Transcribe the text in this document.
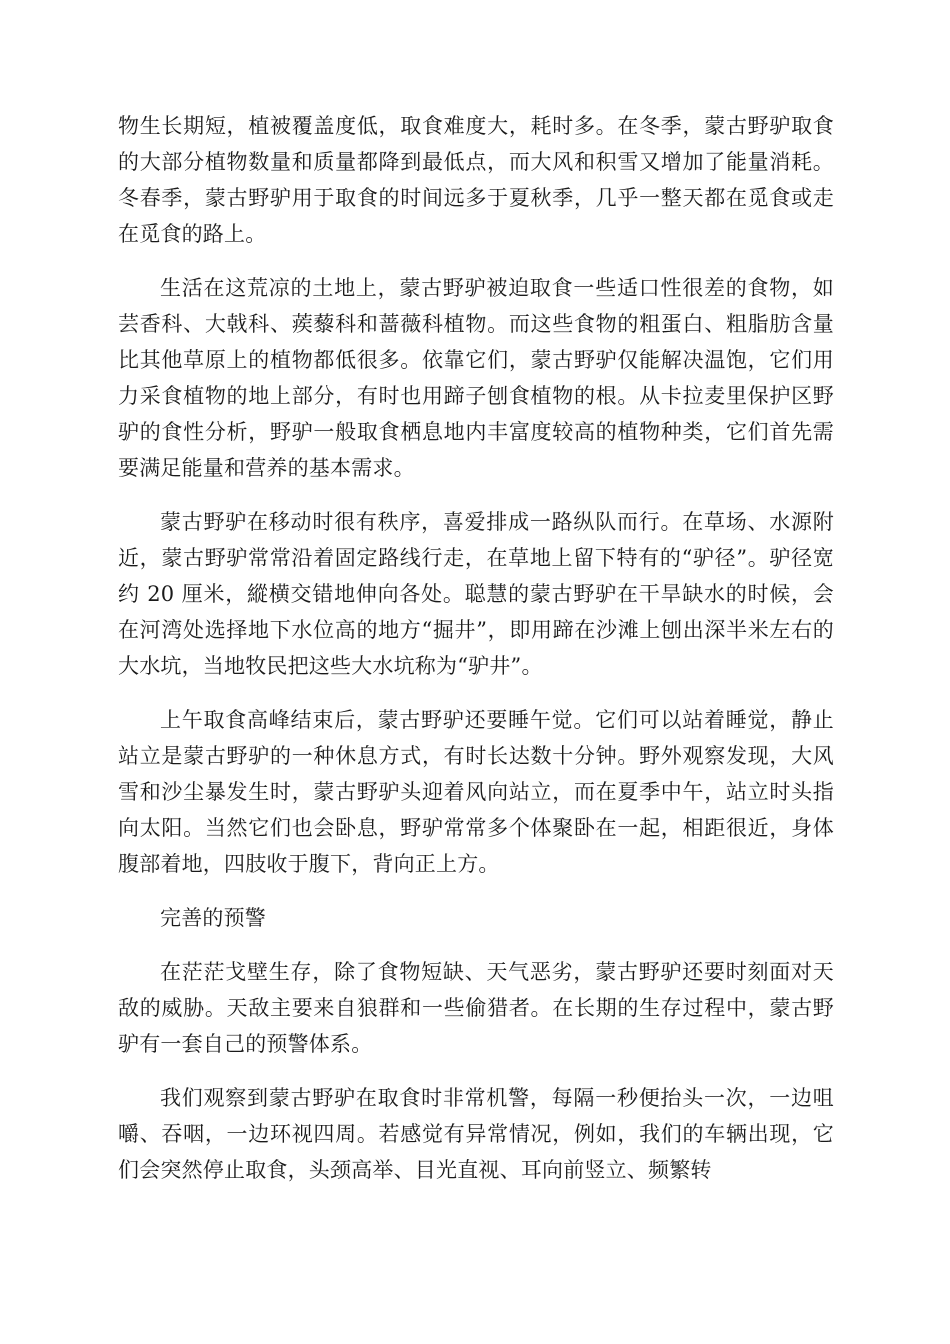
物生长期短，植被覆盖度低，取食难度大，耗时多。在冬季，蒙古野驴取食的大部分植物数量和质量都降到最低点，而大风和积雪又增加了能量消耗。冬春季，蒙古野驴用于取食的时间远多于夏秋季，几乎一整天都在觅食或走在觅食的路上。

生活在这荒凉的土地上，蒙古野驴被迫取食一些适口性很差的食物，如芸香科、大戟科、蒺藜科和蔷薇科植物。而这些食物的粗蛋白、粗脂肪含量比其他草原上的植物都低很多。依靠它们，蒙古野驴仅能解决温饱，它们用力采食植物的地上部分，有时也用蹄子刨食植物的根。从卡拉麦里保护区野驴的食性分析，野驴一般取食栖息地内丰富度较高的植物种类，它们首先需要满足能量和营养的基本需求。

蒙古野驴在移动时很有秩序，喜爱排成一路纵队而行。在草场、水源附近，蒙古野驴常常沿着固定路线行走，在草地上留下特有的“驴径”。驴径宽约 20 厘米，縱横交错地伸向各处。聪慧的蒙古野驴在干旱缺水的时候，会在河湾处选择地下水位高的地方“掘井”，即用蹄在沙滩上刨出深半米左右的大水坑，当地牧民把这些大水坑称为“驴井”。

上午取食高峰结束后，蒙古野驴还要睡午觉。它们可以站着睡觉，静止站立是蒙古野驴的一种休息方式，有时长达数十分钟。野外观察发现，大风雪和沙尘暴发生时，蒙古野驴头迎着风向站立，而在夏季中午，站立时头指向太阳。当然它们也会卧息，野驴常常多个体聚卧在一起，相距很近，身体腹部着地，四肢收于腹下，背向正上方。

完善的预警

在茫茫戈壁生存，除了食物短缺、天气恶劣，蒙古野驴还要时刻面对天敌的威胁。天敌主要来自狼群和一些偷猎者。在长期的生存过程中，蒙古野驴有一套自己的预警体系。

我们观察到蒙古野驴在取食时非常机警，每隔一秒便抬头一次，一边咀嚼、吞咽，一边环视四周。若感觉有异常情况，例如，我们的车辆出现，它们会突然停止取食，头颈高举、目光直视、耳向前竖立、频繁转
